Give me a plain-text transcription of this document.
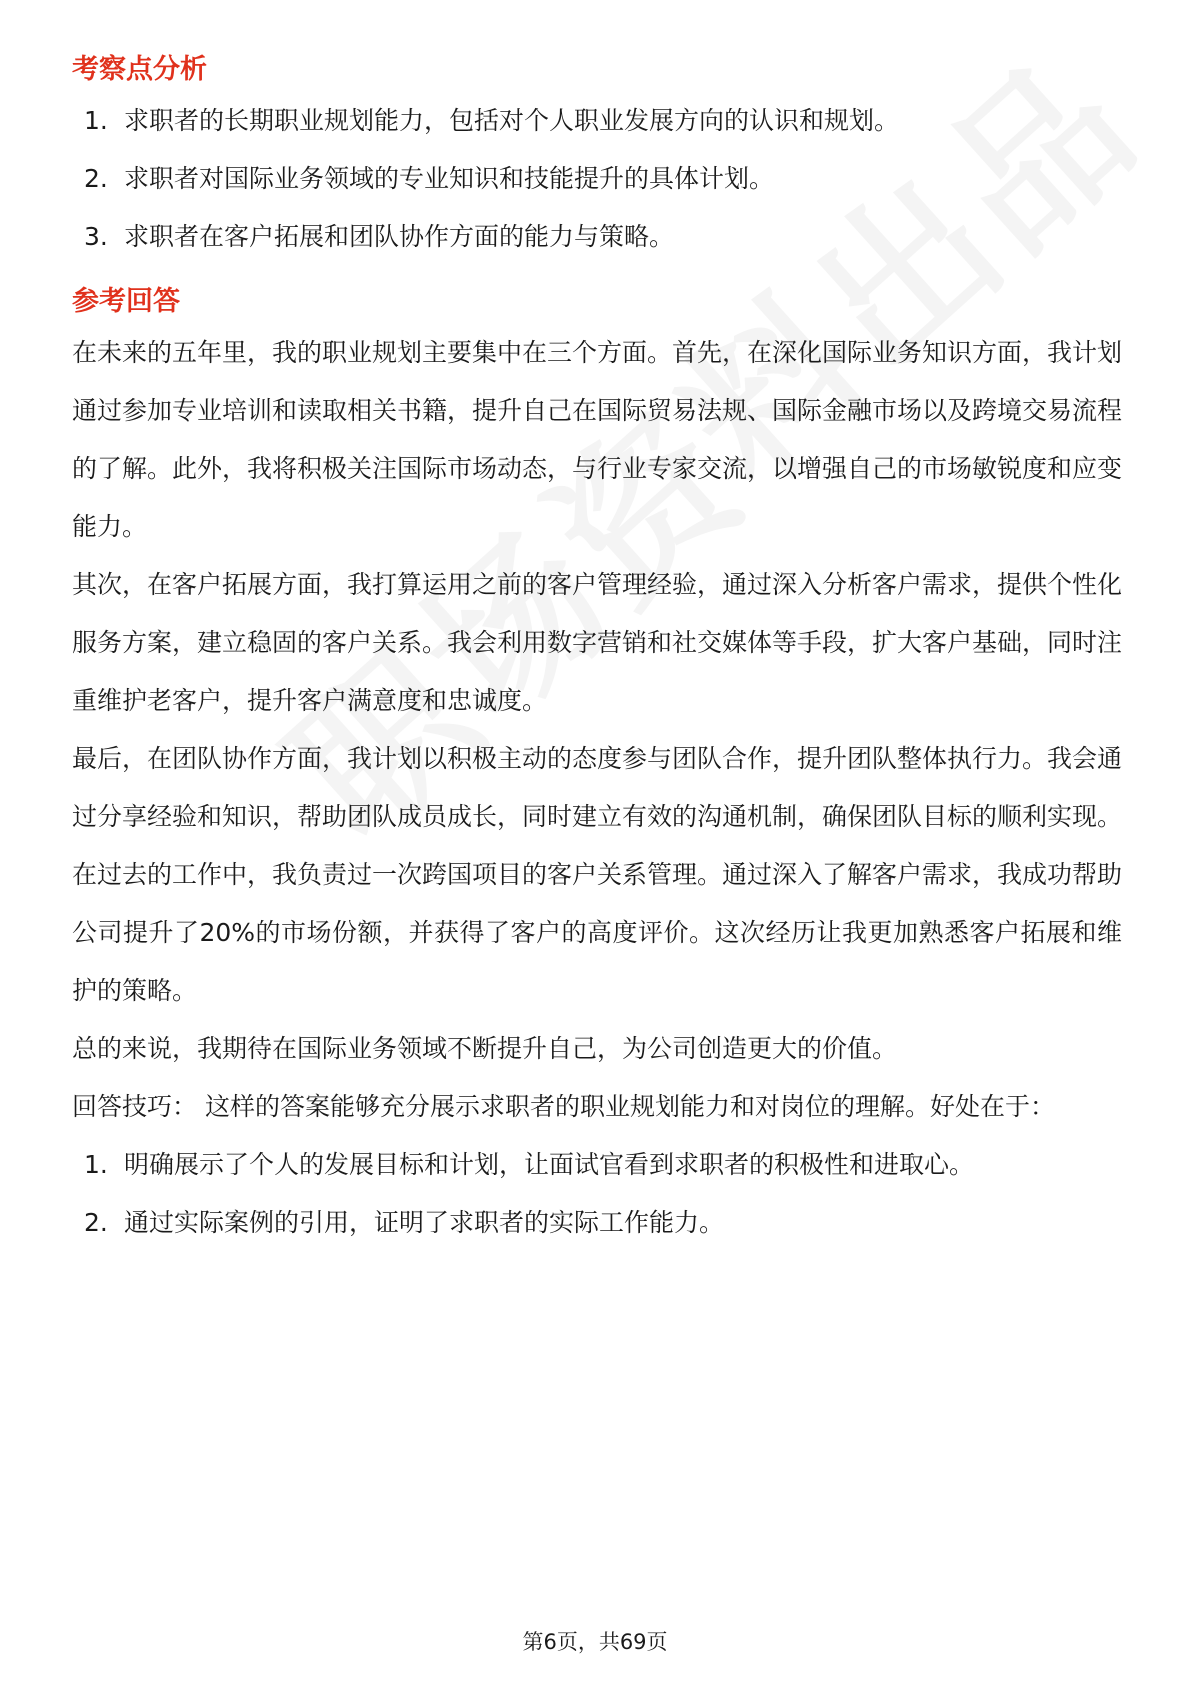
考察点分析
1. 求职者的长期职业规划能力，包括对个人职业发展方向的认识和规划。
2. 求职者对国际业务领域的专业知识和技能提升的具体计划。
3. 求职者在客户拓展和团队协作方面的能力与策略。
参考回答

在未来的五年里，我的职业规划主要集中在三个方面。首先，在深化国际业务知识方面，我计划通过参加专业培训和读取相关书籍，提升自己在国际贸易法规、国际金融市场以及跨境交易流程的了解。此外，我将积极关注国际市场动态，与行业专家交流，以增强自己的市场敏锐度和应变能力。

其次，在客户拓展方面，我打算运用之前的客户管理经验，通过深入分析客户需求，提供个性化服务方案，建立稳固的客户关系。我会利用数字营销和社交媒体等手段，扩大客户基础，同时注重维护老客户，提升客户满意度和忠诚度。

最后，在团队协作方面，我计划以积极主动的态度参与团队合作，提升团队整体执行力。我会通过分享经验和知识，帮助团队成员成长，同时建立有效的沟通机制，确保团队目标的顺利实现。

在过去的工作中，我负责过一次跨国项目的客户关系管理。通过深入了解客户需求，我成功帮助公司提升了20%的市场份额，并获得了客户的高度评价。这次经历让我更加熟悉客户拓展和维护的策略。

总的来说，我期待在国际业务领域不断提升自己，为公司创造更大的价值。

回答技巧： 这样的答案能够充分展示求职者的职业规划能力和对岗位的理解。好处在于：

1. 明确展示了个人的发展目标和计划，让面试官看到求职者的积极性和进取心。
2. 通过实际案例的引用，证明了求职者的实际工作能力。
第6页，共69页
